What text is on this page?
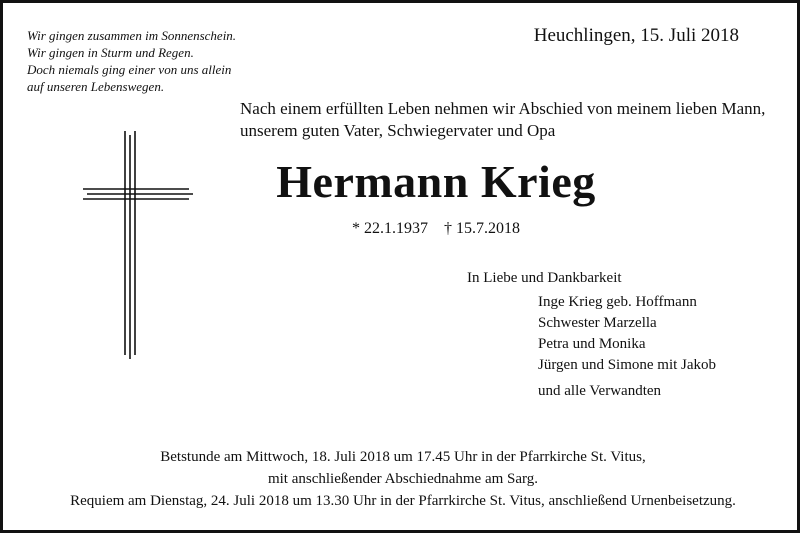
Wir gingen zusammen im Sonnenschein.
Wir gingen in Sturm und Regen.
Doch niemals ging einer von uns allein
auf unseren Lebenswegen.
Heuchlingen, 15. Juli 2018
Nach einem erfüllten Leben nehmen wir Abschied von meinem lieben Mann,
unserem guten Vater, Schwiegervater und Opa
Hermann Krieg
* 22.1.1937 † 15.7.2018
In Liebe und Dankbarkeit
Inge Krieg geb. Hoffmann
Schwester Marzella
Petra und Monika
Jürgen und Simone mit Jakob
und alle Verwandten
Betstunde am Mittwoch, 18. Juli 2018 um 17.45 Uhr in der Pfarrkirche St. Vitus,
mit anschließender Abschiednahme am Sarg.
Requiem am Dienstag, 24. Juli 2018 um 13.30 Uhr in der Pfarrkirche St. Vitus, anschließend Urnenbeisetzung.
